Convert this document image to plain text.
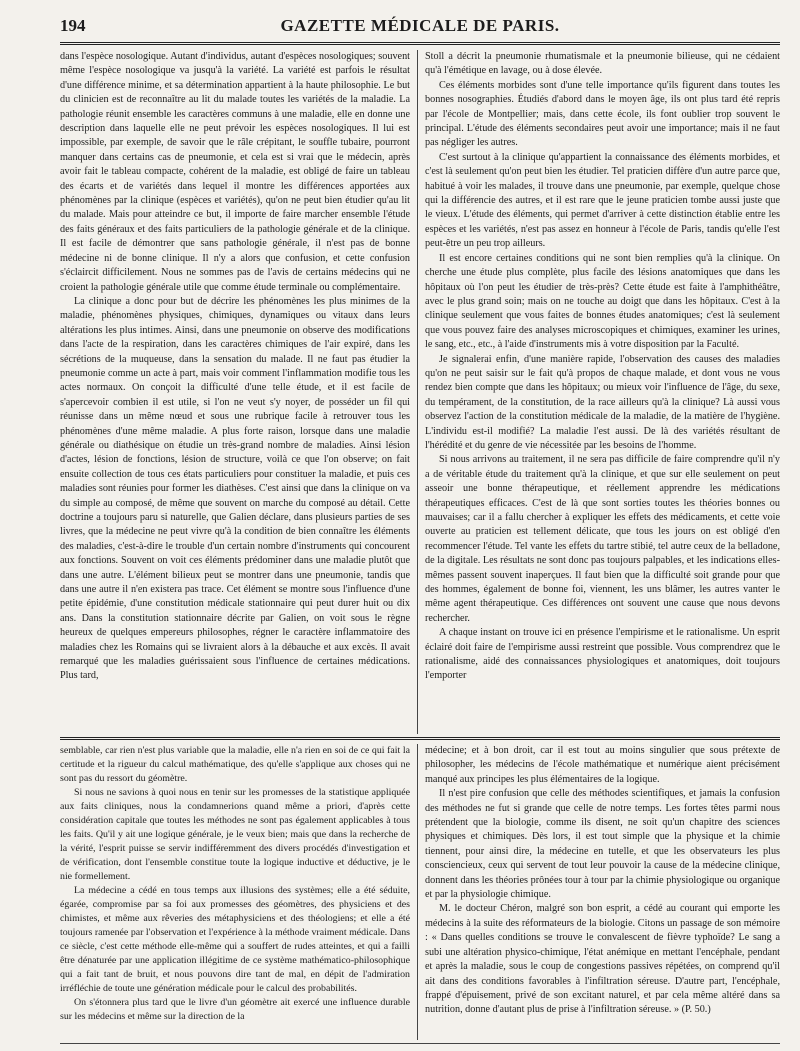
194	GAZETTE MÉDICALE DE PARIS.

dans l'espèce nosologique. Autant d'individus, autant d'espèces nosologiques; souvent même l'espèce nosologique va jusqu'à la variété. La variété est parfois le résultat d'une différence minime, et sa détermination appartient à la haute philosophie. Le but du clinicien est de reconnaître au lit du malade toutes les variétés de la maladie. La pathologie réunit ensemble les caractères communs à une maladie, elle en donne une description dans laquelle elle ne peut prévoir les espèces nosologiques. Il lui est impossible, par exemple, de savoir que le râle crépitant, le souffle tubaire, pourront manquer dans certains cas de pneumonie, et cela est si vrai que le médecin, après avoir fait le tableau compacte, cohérent de la maladie, est obligé de faire un tableau des écarts et de variétés dans lequel il montre les différences apportées aux phénomènes par la clinique (espèces et variétés), qu'on ne peut bien étudier qu'au lit du malade. Mais pour atteindre ce but, il importe de faire marcher ensemble l'étude des faits généraux et des faits particuliers de la pathologie générale et de la clinique. Il est facile de démontrer que sans pathologie générale, il n'est pas de bonne médecine ni de bonne clinique. Il n'y a alors que confusion, et cette confusion s'éclaircit difficilement. Nous ne sommes pas de l'avis de certains médecins qui ne croient la pathologie générale utile que comme étude terminale ou complémentaire.

La clinique a donc pour but de décrire les phénomènes les plus minimes de la maladie, phénomènes physiques, chimiques, dynamiques ou vitaux dans leurs altérations les plus intimes. Ainsi, dans une pneumonie on observe des modifications dans l'acte de la respiration, dans les caractères chimiques de l'air expiré, dans les sécrétions de la muqueuse, dans la sensation du malade. Il ne faut pas étudier la pneumonie comme un acte à part, mais voir comment l'inflammation modifie tous les actes normaux. On conçoit la difficulté d'une telle étude, et il est facile de s'apercevoir combien il est utile, si l'on ne veut s'y noyer, de posséder un fil qui réunisse dans un même nœud et sous une rubrique facile à retrouver tous les phénomènes d'une même maladie. A plus forte raison, lorsque dans une maladie générale ou diathésique on étudie un très-grand nombre de maladies. Ainsi lésion d'actes, lésion de fonctions, lésion de structure, voilà ce que l'on observe; on fait ensuite collection de tous ces états particuliers pour constituer la maladie, et puis ces maladies sont réunies pour former les diathèses. C'est ainsi que dans la clinique on va du simple au composé, de même que souvent on marche du composé au détail. Cette doctrine a toujours paru si naturelle, que Galien déclare, dans plusieurs parties de ses livres, que la médecine ne peut vivre qu'à la condition de bien connaître les éléments des maladies, c'est-à-dire le trouble d'un certain nombre d'instruments qui concourent aux fonctions. Souvent on voit ces éléments prédominer dans une maladie plutôt que dans une autre. L'élément bilieux peut se montrer dans une pneumonie, tandis que dans une autre il n'en existera pas trace. Cet élément se montre sous l'influence d'une petite épidémie, d'une constitution médicale stationnaire qui peut durer huit ou dix ans. Dans la constitution stationnaire décrite par Galien, on voit sous le règne heureux de quelques empereurs philosophes, régner le caractère inflammatoire des maladies chez les Romains qui se livraient alors à la débauche et aux excès. Il avait remarqué que les maladies guérissaient sous l'influence de certaines médications. Plus tard,

Stoll a décrit la pneumonie rhumatismale et la pneumonie bilieuse, qui ne cédaient qu'à l'émétique en lavage, ou à dose élevée.

Ces éléments morbides sont d'une telle importance qu'ils figurent dans toutes les bonnes nosographies. Étudiés d'abord dans le moyen âge, ils ont plus tard été repris par l'école de Montpellier; mais, dans cette école, ils font oublier trop souvent le principal. L'étude des éléments secondaires peut avoir une importance; mais il ne faut pas négliger les autres.

C'est surtout à la clinique qu'appartient la connaissance des éléments morbides, et c'est là seulement qu'on peut bien les étudier. Tel praticien diffère d'un autre parce que, habitué à voir les malades, il trouve dans une pneumonie, par exemple, quelque chose qui la différencie des autres, et il est rare que le jeune praticien tombe aussi juste que le vieux. L'étude des éléments, qui permet d'arriver à cette distinction établie entre les espèces et les variétés, n'est pas assez en honneur à l'école de Paris, tandis qu'elle l'est peut-être un peu trop ailleurs.

Il est encore certaines conditions qui ne sont bien remplies qu'à la clinique. On cherche une étude plus complète, plus facile des lésions anatomiques que dans les hôpitaux où l'on peut les étudier de très-près? Cette étude est faite à l'amphithéâtre, avec le plus grand soin; mais on ne touche au doigt que dans les hôpitaux. C'est à la clinique seulement que vous faites de bonnes études anatomiques; c'est là seulement que vous pouvez faire des analyses microscopiques et chimiques, examiner les urines, le sang, etc., etc., à l'aide d'instruments mis à votre disposition par la Faculté.

Je signalerai enfin, d'une manière rapide, l'observation des causes des maladies qu'on ne peut saisir sur le fait qu'à propos de chaque malade, et dont vous ne vous rendez bien compte que dans les hôpitaux; ou mieux voir l'influence de l'âge, du sexe, du tempérament, de la constitution, de la race ailleurs qu'à la clinique? Là aussi vous observez l'action de la constitution médicale de la maladie, de la matière de l'hygiène. L'individu est-il modifié? La maladie l'est aussi. De là des variétés résultant de l'hérédité et du genre de vie nécessitée par les besoins de l'homme.

Si nous arrivons au traitement, il ne sera pas difficile de faire comprendre qu'il n'y a de véritable étude du traitement qu'à la clinique, et que sur elle seulement on peut asseoir une bonne thérapeutique, et réellement apprendre les médications thérapeutiques efficaces. C'est de là que sont sorties toutes les théories bonnes ou mauvaises; car il a fallu chercher à expliquer les effets des médicaments, et cette voie ouverte au praticien est tellement délicate, que tous les jours on est obligé d'en recommencer l'étude. Tel vante les effets du tartre stibié, tel autre ceux de la belladone, de la digitale. Les résultats ne sont donc pas toujours palpables, et les indications elles-mêmes passent souvent inaperçues. Il faut bien que la difficulté soit grande pour que des hommes, également de bonne foi, viennent, les uns blâmer, les autres vanter le même agent thérapeutique. Ces différences ont souvent une cause que nous devons rechercher.

A chaque instant on trouve ici en présence l'empirisme et le rationalisme. Un esprit éclairé doit faire de l'empirisme aussi restreint que possible. Vous comprendrez que le rationalisme, aidé des connaissances physiologiques et anatomiques, doit toujours l'emporter

semblable, car rien n'est plus variable que la maladie, elle n'a rien en soi de ce qui fait la certitude et la rigueur du calcul mathématique, des qu'elle s'applique aux choses qui ne sont pas du ressort du géomètre.

Si nous ne savions à quoi nous en tenir sur les promesses de la statistique appliquée aux faits cliniques, nous la condamnerions quand même a priori, d'après cette considération capitale que toutes les méthodes ne sont pas également applicables à tous les faits. Qu'il y ait une logique générale, je le veux bien; mais que dans la recherche de la vérité, l'esprit puisse se servir indifféremment des divers procédés d'investigation et de vérification, dont l'ensemble constitue toute la logique inductive et déductive, je le nie formellement.

La médecine a cédé en tous temps aux illusions des systèmes; elle a été séduite, égarée, compromise par sa foi aux promesses des géomètres, des physiciens et des chimistes, et même aux rêveries des métaphysiciens et des théologiens; et elle a été toujours ramenée par l'observation et l'expérience à la méthode vraiment médicale. Dans ce siècle, c'est cette méthode elle-même qui a souffert de rudes atteintes, et qui a failli être dénaturée par une application illégitime de ce système mathématico-philosophique qui a fait tant de bruit, et nous pouvons dire tant de mal, en dépit de l'admiration irréfléchie de toute une génération médicale pour le calcul des probabilités.

On s'étonnera plus tard que le livre d'un géomètre ait exercé une influence durable sur les médecins et même sur la direction de la

médecine; et à bon droit, car il est tout au moins singulier que sous prétexte de philosopher, les médecins de l'école mathématique et numérique aient précisément manqué aux principes les plus élémentaires de la logique.

Il n'est pire confusion que celle des méthodes scientifiques, et jamais la confusion des méthodes ne fut si grande que celle de notre temps. Les fortes têtes parmi nous prétendent que la biologie, comme ils disent, ne soit qu'un chapitre des sciences physiques et chimiques. Dès lors, il est tout simple que la physique et la chimie tiennent, pour ainsi dire, la médecine en tutelle, et que les observateurs les plus consciencieux, ceux qui servent de tout leur pouvoir la cause de la médecine clinique, donnent dans les théories prônées tour à tour par la chimie physiologique ou organique et par la physiologie chimique.

M. le docteur Chéron, malgré son bon esprit, a cédé au courant qui emporte les médecins à la suite des réformateurs de la biologie. Citons un passage de son mémoire : « Dans quelles conditions se trouve le convalescent de fièvre typhoïde? Le sang a subi une altération physico-chimique, l'état anémique en mettant l'encéphale, pendant et après la maladie, sous le coup de congestions passives répétées, on comprend qu'il ait dans des conditions favorables à l'infiltration séreuse. D'autre part, l'encéphale, frappé d'épuisement, privé de son excitant naturel, et par cela même altéré dans sa nutrition, donne d'autant plus de prise à l'infiltration séreuse. » (P. 50.)
